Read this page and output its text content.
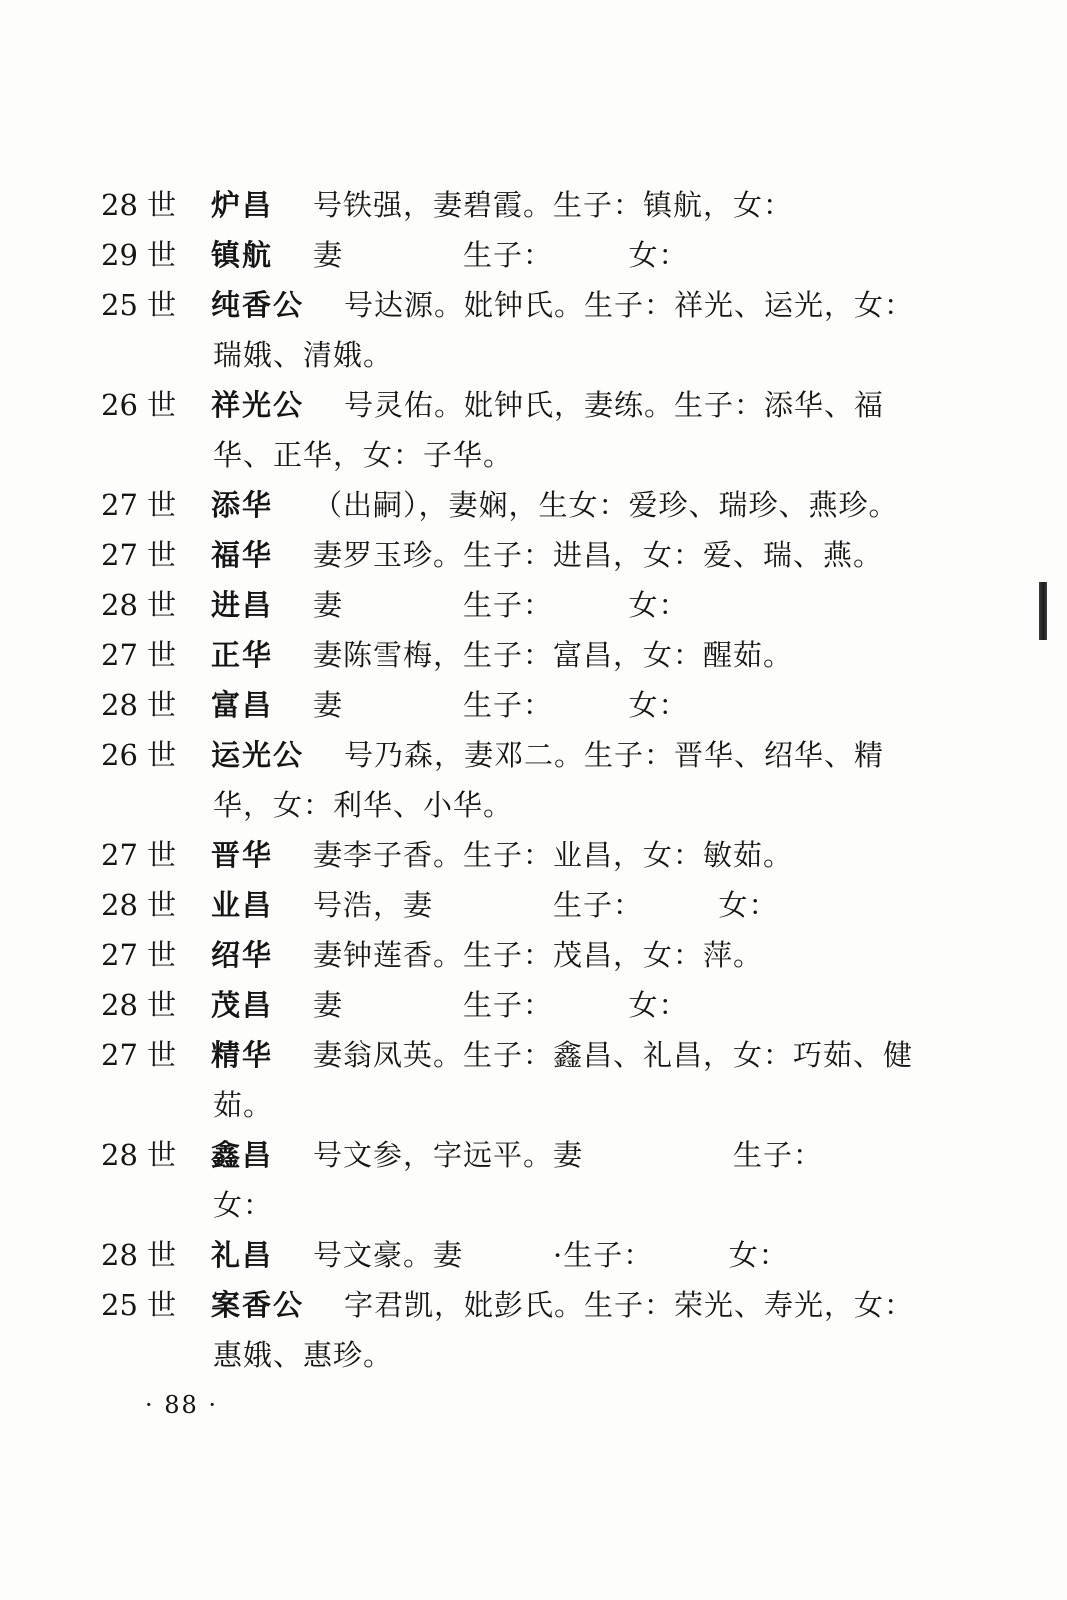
28 世	炉昌 号铁强，妻碧霞。生子：镇航，女：
29 世	镇航 妻　　　　生子：　　　女：
25 世	纯香公 号达源。妣钟氏。生子：祥光、运光，女：
瑞娥、清娥。
26 世	祥光公 号灵佑。妣钟氏，妻练。生子：添华、福
华、正华，女：子华。
27 世	添华 （出嗣），妻娴，生女：爱珍、瑞珍、燕珍。
27 世	福华 妻罗玉珍。生子：进昌，女：爱、瑞、燕。
28 世	进昌 妻　　　　生子：　　　女：
27 世	正华 妻陈雪梅，生子：富昌，女：醒茹。
28 世	富昌 妻　　　　生子：　　　女：
26 世	运光公 号乃森，妻邓二。生子：晋华、绍华、精
华，女：利华、小华。
27 世	晋华 妻李子香。生子：业昌，女：敏茹。
28 世	业昌 号浩，妻　　　　生子：　　　女：
27 世	绍华 妻钟莲香。生子：茂昌，女：萍。
28 世	茂昌 妻　　　　生子：　　　女：
27 世	精华 妻翁凤英。生子：鑫昌、礼昌，女：巧茹、健
茹。
28 世	鑫昌 号文参，字远平。妻　　　　　生子：
女：
28 世	礼昌 号文豪。妻　　　·生子：　　　女：
25 世	案香公 字君凯，妣彭氏。生子：荣光、寿光，女：
惠娥、惠珍。
· 88 ·
